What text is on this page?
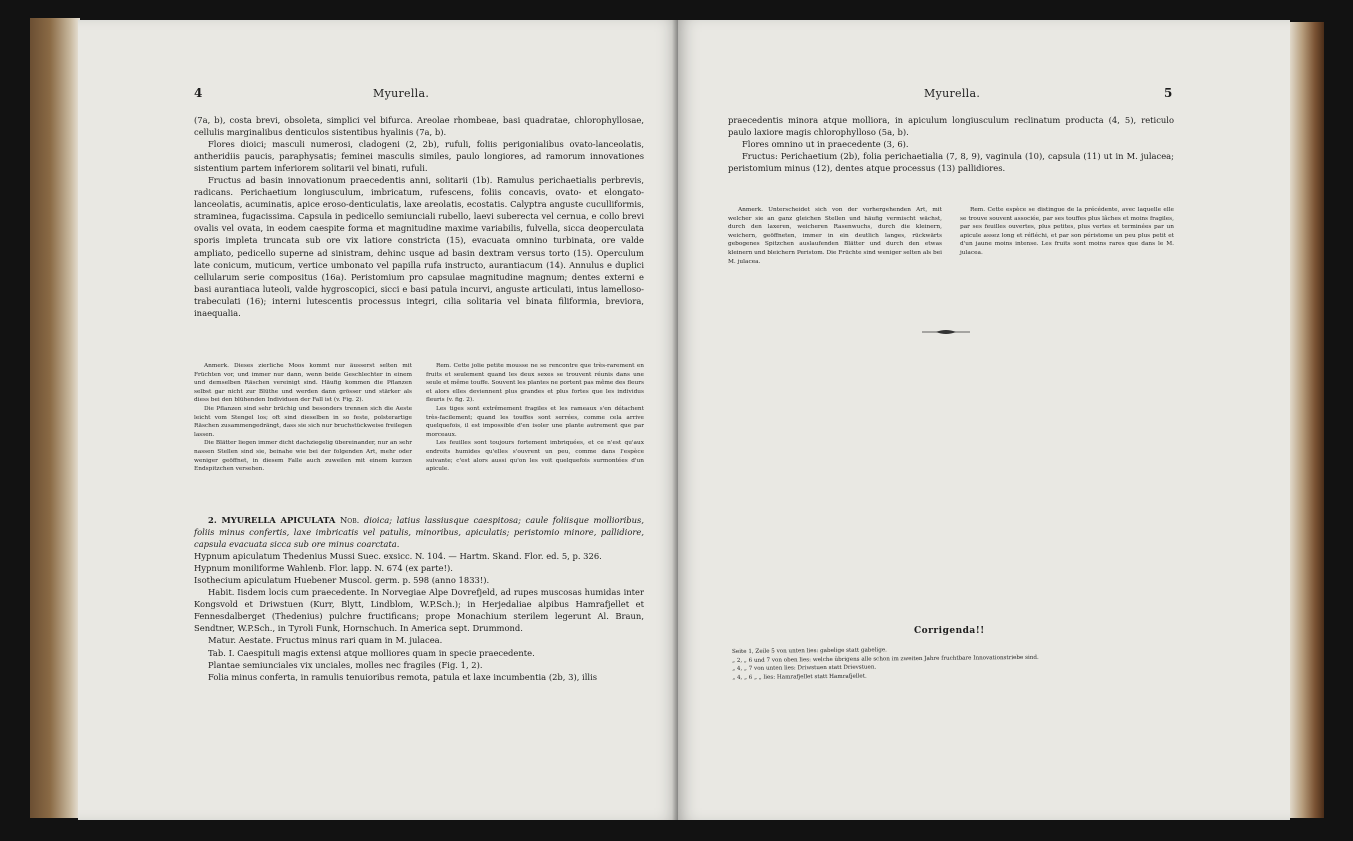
4	Myurella.

(7a, b), costa brevi, obsoleta, simplici vel bifurca. Areolae rhombeae, basi quadratae, chlorophyllosae, cellulis marginalibus denticulos sistentibus hyalinis (7a, b).

Flores dioici; masculi numerosi, cladogeni (2, 2b), rufuli, foliis perigonialibus ovato-lanceolatis, antheridiis paucis, paraphysatis; feminei masculis similes, paulo longiores, ad ramorum innovationes sistentium partem inferiorem solitarii vel binati, rufuli.

Fructus ad basin innovationum praecedentis anni, solitarii (1b). Ramulus perichaetialis perbrevis, radicans. Perichaetium longiusculum, imbricatum, rufescens, foliis concavis, ovato- et elongato-lanceolatis, acuminatis, apice eroso-denticulatis, laxe areolatis, ecostatis. Calyptra anguste cuculliformis, straminea, fugacissima. Capsula in pedicello semiunciali rubello, laevi suberecta vel cernua, e collo brevi ovalis vel ovata, in eodem caespite forma et magnitudine maxime variabilis, fulvella, sicca deoperculata sporis impleta truncata sub ore vix latiore constricta (15), evacuata omnino turbinata, ore valde ampliato, pedicello superne ad sinistram, dehinc usque ad basin dextram versus torto (15). Operculum late conicum, muticum, vertice umbonato vel papilla rufa instructo, aurantiacum (14). Annulus e duplici cellularum serie compositus (16a). Peristomium pro capsulae magnitudine magnum; dentes externi e basi aurantiaca luteoli, valde hygroscopici, sicci e basi patula incurvi, anguste articulati, intus lamelloso-trabeculati (16); interni lutescentis processus integri, cilia solitaria vel binata filiformia, breviora, inaequalia.

Anmerk. Dieses zierliche Moos kommt nur äusserst selten mit Früchten vor, und immer nur dann, wenn beide Geschlechter in einem und demselben Räschen vereinigt sind. Häufig kommen die Pflanzen selbst gar nicht zur Blüthe und werden dann grösser und stärker als diess bei den blühenden Individuen der Fall ist (v. Fig. 2).

Die Pflanzen sind sehr brüchig und besonders trennen sich die Aeste leicht vom Stengel los; oft sind dieselben in so feste, polsterartige Räschen zusammengedrängt, dass sie sich nur bruchstückweise freilegen lassen.

Die Blätter liegen immer dicht dachziegelig übereinander, nur an sehr nassen Stellen sind sie, beinahe wie bei der folgenden Art, mehr oder weniger geöffnet, in diesem Falle auch zuweilen mit einem kurzen Endspitzchen versehen.

Rem. Cette jolie petite mousse ne se rencontre que très-rarement en fruits et seulement quand les deux sexes se trouvent réunis dans une seule et même touffe. Souvent les plantes ne portent pas même des fleurs et alors elles deviennent plus grandes et plus fortes que les individus fleuris (v. fig. 2).

Les tiges sont extrêmement fragiles et les rameaux s'en détachent très-facilement; quand les touffes sont serrées, comme cela arrive quelquefois, il est impossible d'en isoler une plante autrement que par morceaux.

Les feuilles sont toujours fortement imbriquées, et ce n'est qu'aux endroits humides qu'elles s'ouvrent un peu, comme dans l'espèce suivante; c'est alors aussi qu'on les voit quelquefois surmontées d'un apicule.

2. MYURELLA APICULATA Nob. dioica; latius lassiusque caespitosa; caule foliisque mollioribus, foliis minus confertis, laxe imbricatis vel patulis, minoribus, apiculatis; peristomio minore, pallidiore, capsula evacuata sicca sub ore minus coarctata.

Hypnum apiculatum Thedenius Mussi Suec. exsicc. N. 104. — Hartm. Skand. Flor. ed. 5, p. 326.

Hypnum moniliforme Wahlenb. Flor. lapp. N. 674 (ex parte!).

Isothecium apiculatum Huebener Muscol. germ. p. 598 (anno 1833!).

Habit. Iisdem locis cum praecedente. In Norvegiae Alpe Dovrefjeld, ad rupes muscosas humidas inter Kongsvold et Driwstuen (Kurr, Blytt, Lindblom, W.P.Sch.); in Herjedaliae alpibus Hamrafjellet et Fennesdalberget (Thedenius) pulchre fructificans; prope Monachium sterilem legerunt Al. Braun, Sendtner, W.P.Sch., in Tyroli Funk, Hornschuch. In America sept. Drummond.

Matur. Aestate. Fructus minus rari quam in M. julacea.

Tab. I. Caespituli magis extensi atque molliores quam in specie praecedente.

Plantae semiunciales vix unciales, molles nec fragiles (Fig. 1, 2).

Folia minus conferta, in ramulis tenuioribus remota, patula et laxe incumbentia (2b, 3), illis

Myurella.	5

praecedentis minora atque molliora, in apiculum longiusculum reclinatum producta (4, 5), reticulo paulo laxiore magis chlorophylloso (5a, b).

Flores omnino ut in praecedente (3, 6).

Fructus: Perichaetium (2b), folia perichaetialia (7, 8, 9), vaginula (10), capsula (11) ut in M. julacea; peristomium minus (12), dentes atque processus (13) pallidiores.

Anmerk. Unterscheidet sich von der vorhergehenden Art, mit welcher sie an ganz gleichen Stellen und häufig vermischt wächst, durch den laxeren, weicheren Rasenwuchs, durch die kleinern, weichern, geöffneten, immer in ein deutlich langes, rückwärts gebogenes Spitzchen auslaufenden Blätter und durch den etwas kleinern und bleichern Peristom. Die Früchte sind weniger selten als bei M. julacea.

Rem. Cette espèce se distingue de la précédente, avec laquelle elle se trouve souvent associée, par ses touffes plus lâches et moins fragiles, par ses feuilles ouvertes, plus petites, plus vertes et terminées par un apicule assez long et réfléchi, et par son péristome un peu plus petit et d'un jaune moins intense. Les fruits sont moins rares que dans le M. julacea.

Corrigenda!!
Seite 1, Zeile 5 von unten lies: gabelige statt gabelige.
„ 2, „ 6 und 7 von oben lies: welche übrigens alle schon im zweiten Jahre fruchtbare Innovationstriebe sind.
„ 4, „ 7 von unten lies: Driwstuen statt Drievstuen.
„ 4, „ 6 „ „ lies: Hamrafjellet statt Hamrafjellet.
